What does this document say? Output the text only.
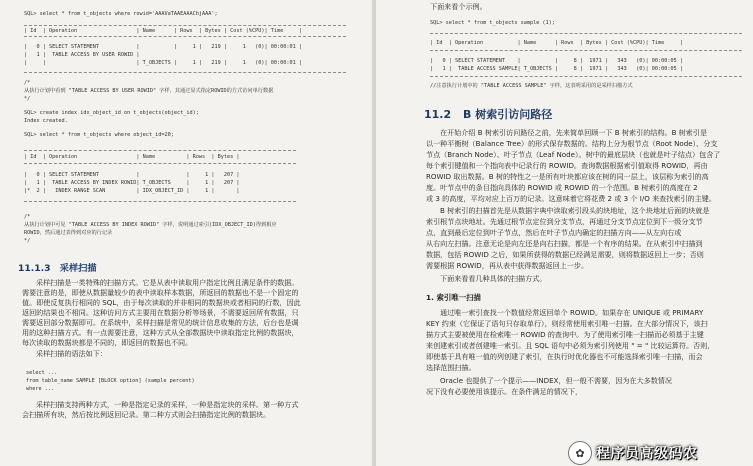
SQL> select * from t_objects where rowid='AAAVaTAAEAAAChjAAA';
| Id  | Operation                   | Name      | Rows  | Bytes | Cost (%CPU)| Time     |
|   0 | SELECT STATEMENT            |           |     1 |   219 |     1   (0)| 00:00:01 |
|   1 |  TABLE ACCESS BY USER ROWID |
|     |                             | T_OBJECTS |     1 |   219 |     1   (0)| 00:00:01 |
/*
从执行计划中看到 "TABLE ACCESS BY USER ROWID" 字样，其通过显式指定ROWID的方式访问单行数据
*/
SQL> create index idx_object_id on t_objects(object_id);
Index created.
SQL> select * from t_objects where object_id=20;
| Id  | Operation                   | Name          | Rows  | Bytes |
|   0 | SELECT STATEMENT            |               |     1 |   207 |
|   1 |  TABLE ACCESS BY INDEX ROWID| T_OBJECTS     |     1 |   207 |
|*  2 |   INDEX RANGE SCAN          | IDX_OBJECT_ID |     1 |       |
/*
从执行计划中可见 "TABLE ACCESS BY INDEX ROWID" 字样，说明通过索引(IDX_OBJECT_ID)得到相应
ROWID，然后通过表得到对应的行记录
*/
11.1.3 采样扫描
采样扫描是一类特殊的扫描方式。它是从表中读取用户指定比例且满足条件的数据。
需要注意的是，即使从数据量较少的表中读取样本数据，所返回的数据也不是一个固定的
值。即使反复执行相同的 SQL，由于每次读取的并非相同的数据块或者相同的行数，因此
返回的结果也不相同。这种访问方式主要用在数据分析等场景，不需要返回所有数据，只
需要返回部分数据即可。在系统中，采样扫描是常见的统计信息收集的方法，后台也是调
用的这种扫描方式。有一点需要注意，这种方式从全部数据块中读取指定比例的数据块，
每次读取的数据块都是不同的，即返回的数据也不同。
采样扫描的语法如下：
select ...
from table_name SAMPLE [BLOCK option] (sample percent)
where ...
采样扫描支持两种方式，一种是指定记录的采样，一种是指定块的采样。第一种方式
会扫描所有块，然后按比例返回记录。第二种方式则会扫描指定比例的数据块。
下面来看个示例。
SQL> select * from t_objects sample (1);
| Id  | Operation           | Name      | Rows  | Bytes | Cost (%CPU)| Time     |
|   0 | SELECT STATEMENT    |           |     8 |  1971 |   343   (0)| 00:00:05 |
|   1 |  TABLE ACCESS SAMPLE| T_OBJECTS |     8 |  1971 |   343   (0)| 00:00:05 |
//注意执行计划中的 "TABLE ACCESS SAMPLE" 字样，这表明采用的是采样扫描方式
11.2 B 树索引访问路径
在开始介绍 B 树索引访问路径之前，先来简单回顾一下 B 树索引的结构。B 树索引是
以一种平衡树（Balance Tree）的形式保存数据的。结构上分为根节点（Root Node）、分支
节点（Branch Node）、叶子节点（Leaf Node）。树中的最底层块（也就是叶子结点）包含了
每个索引键值和一个指向表中记录行的 ROWID。查询数据根据索引值取得 ROWID，再由
ROWID 取出数据。B 树的特性之一是所有叶块都应该在树的同一层上，该层称为索引的高
度。叶节点中的条目指向具体的 ROWID 或 ROWID 的一个范围。B 树索引的高度在 2
或 3 的高度，平均对应上百万的记录。这意味着它将花费 2 或 3 个 I/O 来查找索引的主键。
B 树索引的扫描首先是从数据字典中读取索引段头的块地址，这个块地址后面的块就是
索引根节点块地址。先通过根节点定位到分支节点，再通过分支节点定位到下一级分支节
点，直到最后定位到叶子节点，然后在叶子节点内确定的扫描方向——从左向右或
从右向左扫描。注意无论是向左还是向右扫描，都是一个有序的结果。在从索引中扫描到
数据，包括 ROWID 之后，如果所获得的数据已经满足需要，则将数据返回上一步；否则
需要根据 ROWID，再从表中获得数据返回上一步。
下面来看看几种具体的扫描方式。
1. 索引唯一扫描
通过唯一索引查找一个数值经常返回单个 ROWID。如果存在 UNIQUE 或 PRIMARY
KEY 约束（它保证了语句只存取单行），则经常使用索引唯一扫描。在大部分情况下，该扫
描方式主要被使用在检索唯一 ROWID 的查询中。为了使用索引唯一扫描而必须基于主键
来创建索引或者创建唯一索引。且 SQL 语句中必须为索引列使用 " = " 比较运算符。否则，
即使基于具有唯一值的列创建了索引，在执行时优化器也不可能选择索引唯一扫描，而会
选择范围扫描。
Oracle 也提供了一个提示——INDEX，但一般不需要，因为在大多数情况
况下没有必要使用该提示。在条件满足的情况下，
✿ 程序员高级码农
